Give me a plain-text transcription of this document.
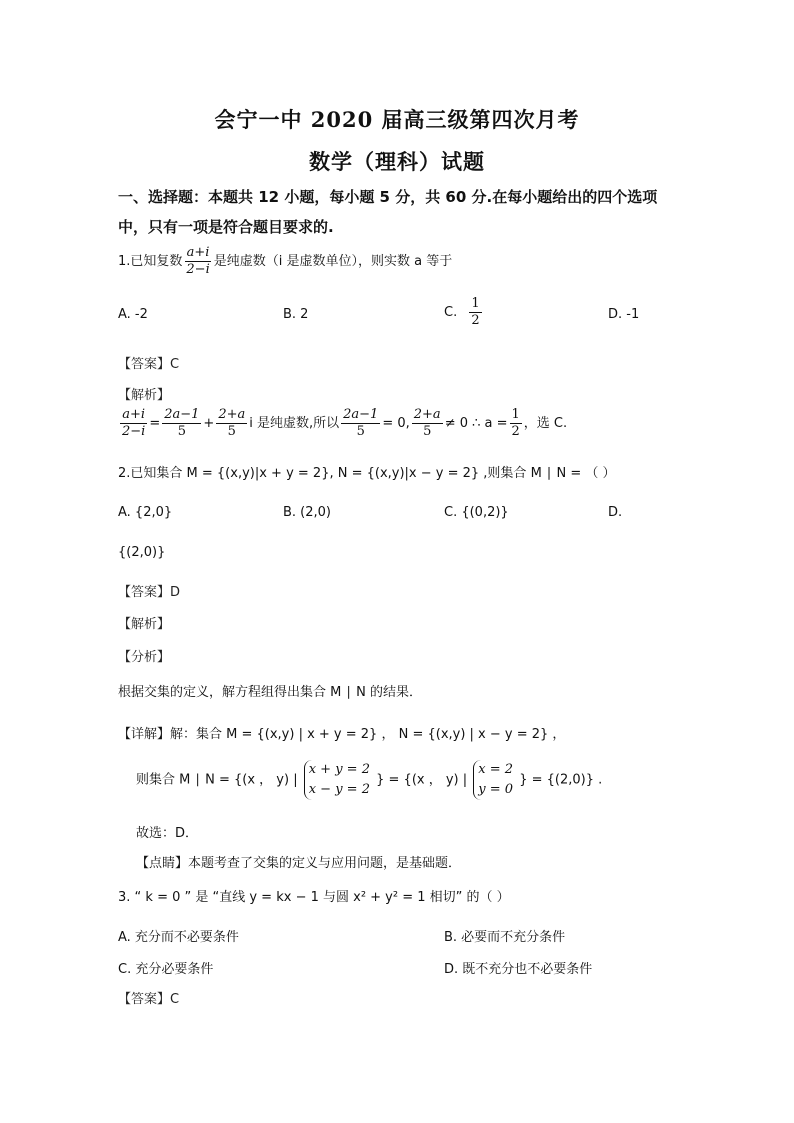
会宁一中 2020 届高三级第四次月考
数学（理科）试题
一、选择题：本题共 12 小题，每小题 5 分，共 60 分.在每小题给出的四个选项
中，只有一项是符合题目要求的.
1.已知复数 $\frac{a+i}{2-i}$ 是纯虚数（i 是虚数单位），则实数 a 等于
A. -2	B. 2	C. $\frac{1}{2}$	D. -1
【答案】C
【解析】
$\frac{a+i}{2-i} = \frac{2a-1}{5} + \frac{2+a}{5}$ i 是纯虚数,所以 $\frac{2a-1}{5} = 0$, $\frac{2+a}{5} \ne 0$ ∴ $a = \frac{1}{2}$ ，选 C.
2.已知集合 M = {(x,y)|x + y = 2}, N = {(x,y)|x − y = 2} ,则集合 M ∣ N = （ ）
A. {2,0}	B. (2,0)	C. {(0,2)}	D.
{(2,0)}
【答案】D
【解析】
【分析】
根据交集的定义，解方程组得出集合 M ∣ N 的结果．
【详解】解：集合 M = {(x,y) | x + y = 2} ， N = {(x,y) | x − y = 2} ，
则集合 M ∣ N = {(x ， y) | x + y = 2
x − y = 2 } = {(x ， y) | x = 2
y = 0 } = {(2,0)} .
故选：D．
【点睛】本题考查了交集的定义与应用问题，是基础题．
3. “ k = 0 ” 是 “直线 y = kx − 1 与圆 x² + y² = 1 相切” 的（ ）
A. 充分而不必要条件	B. 必要而不充分条件
C. 充分必要条件	D. 既不充分也不必要条件
【答案】C
